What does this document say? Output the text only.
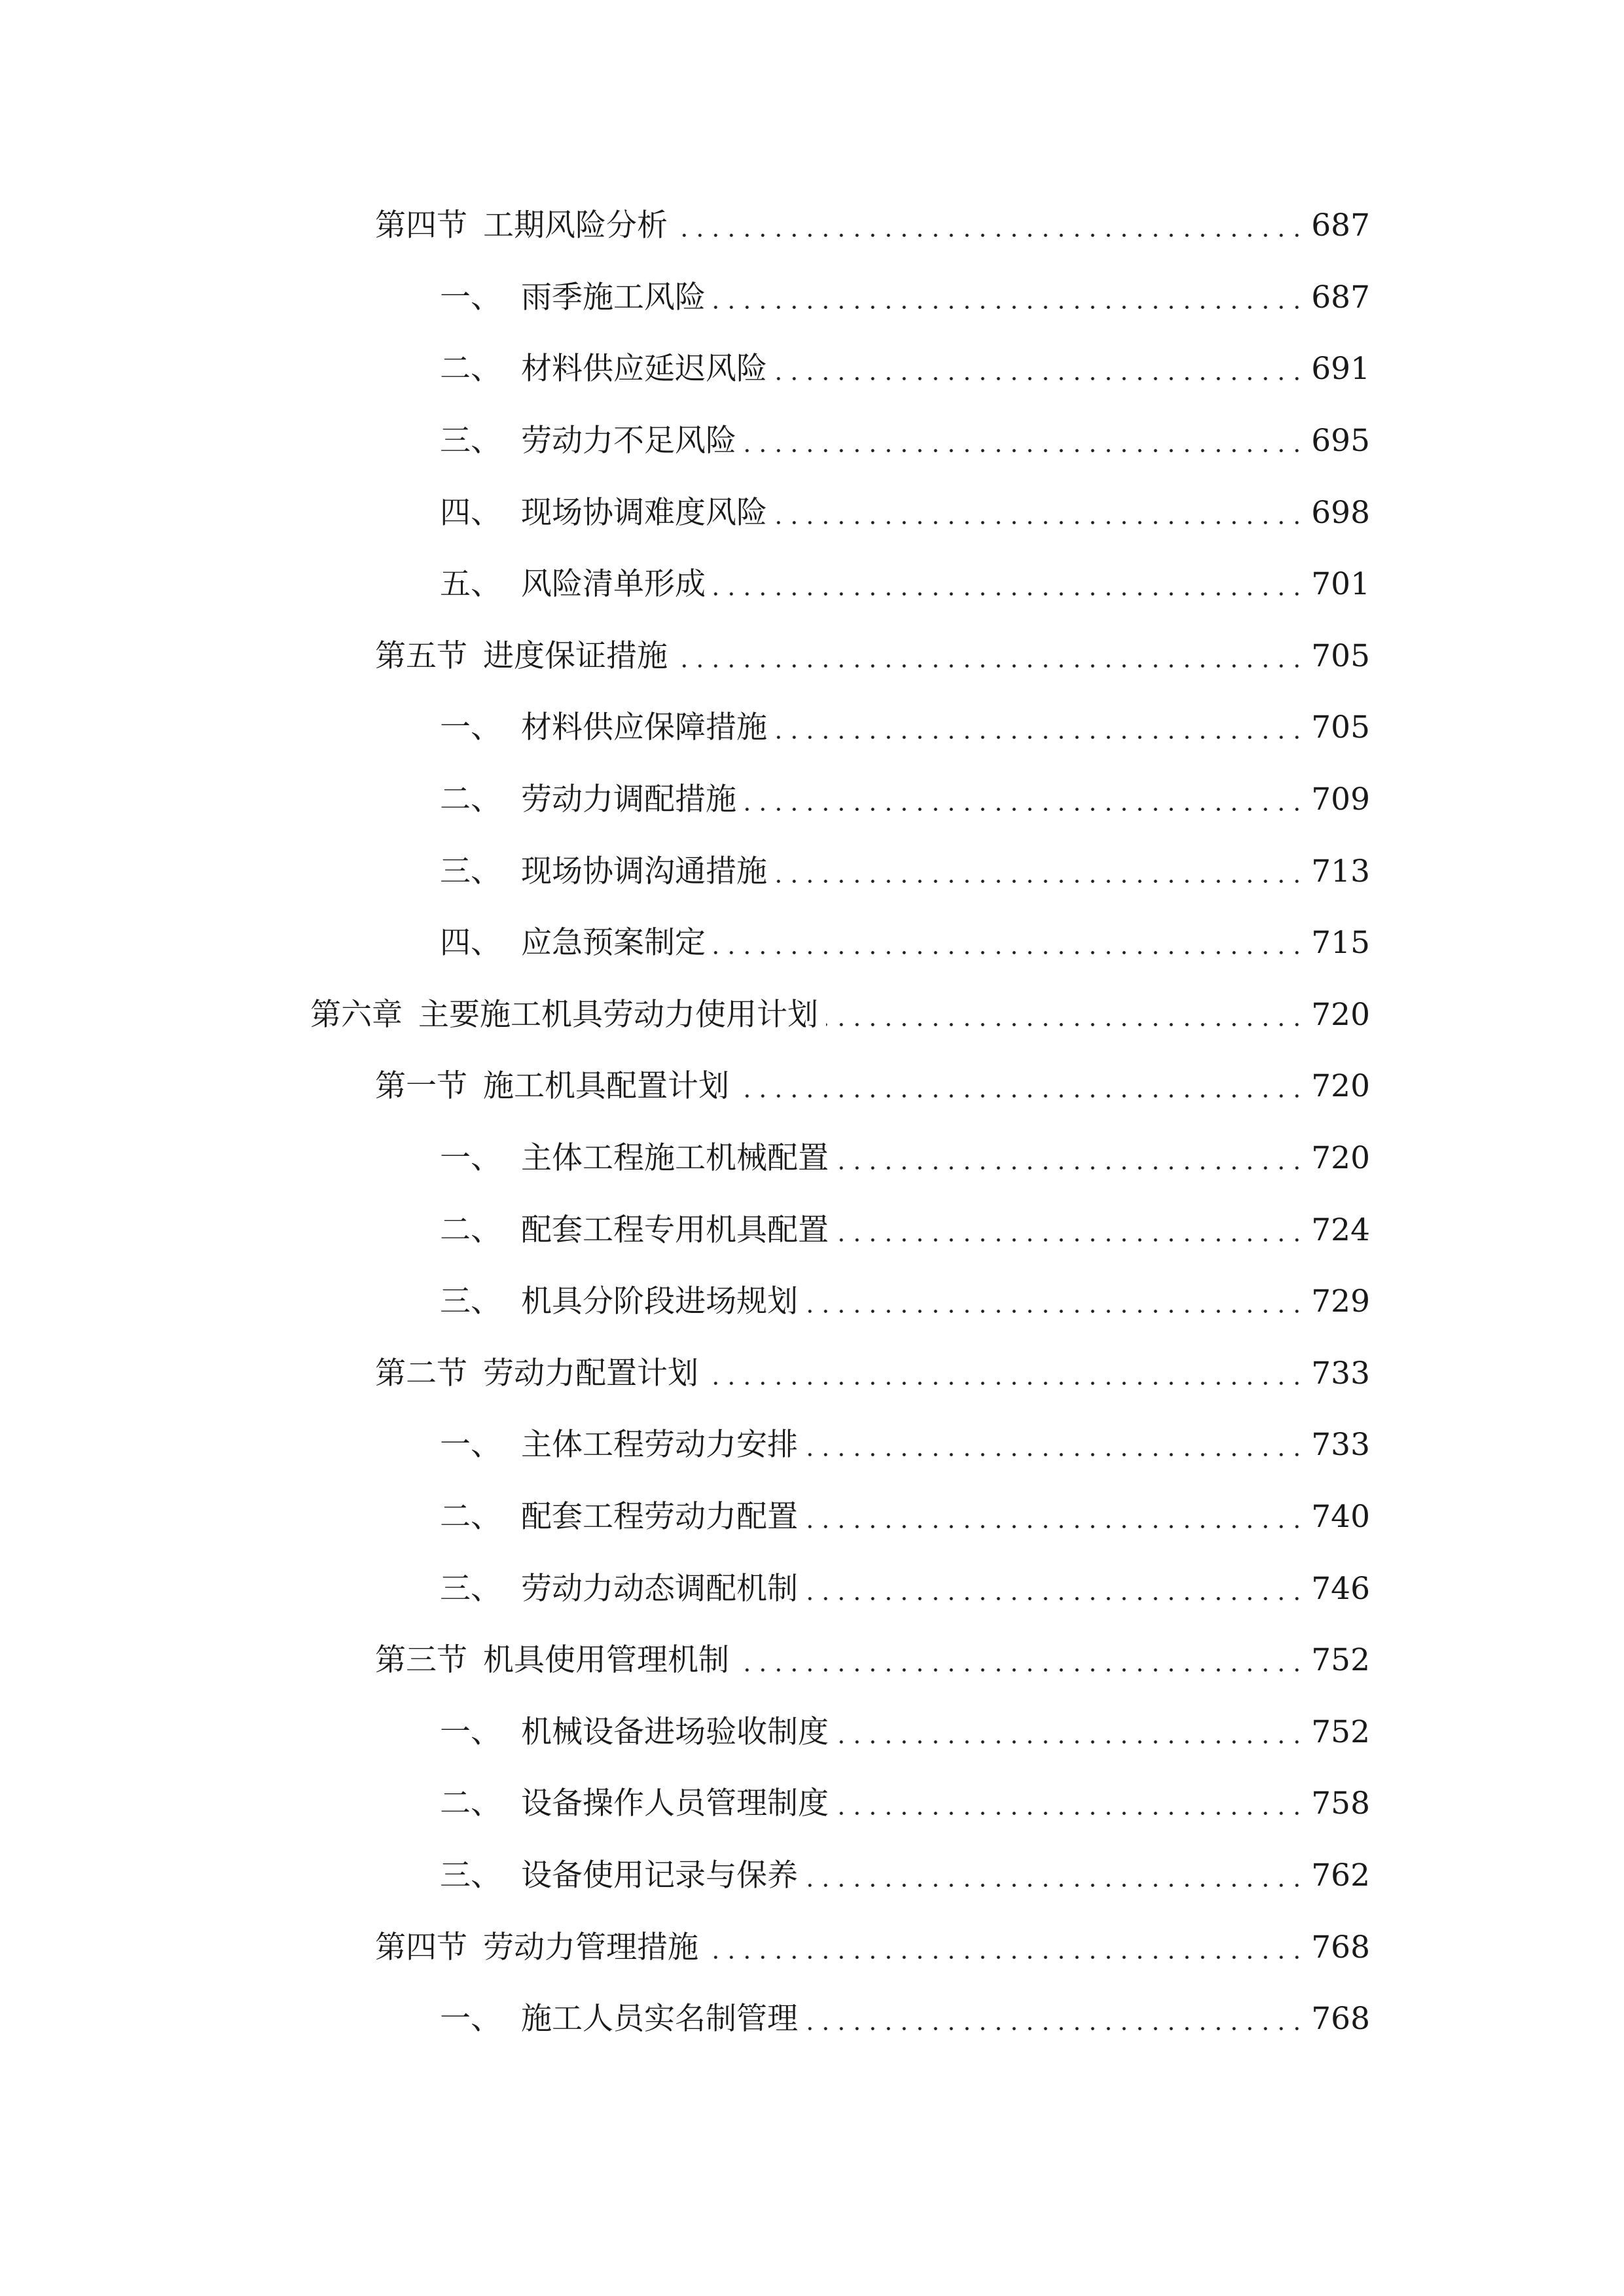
第四节 工期风险分析	687
一、 雨季施工风险	687
二、 材料供应延迟风险	691
三、 劳动力不足风险	695
四、 现场协调难度风险	698
五、 风险清单形成	701
第五节 进度保证措施	705
一、 材料供应保障措施	705
二、 劳动力调配措施	709
三、 现场协调沟通措施	713
四、 应急预案制定	715
第六章 主要施工机具劳动力使用计划	720
第一节 施工机具配置计划	720
一、 主体工程施工机械配置	720
二、 配套工程专用机具配置	724
三、 机具分阶段进场规划	729
第二节 劳动力配置计划	733
一、 主体工程劳动力安排	733
二、 配套工程劳动力配置	740
三、 劳动力动态调配机制	746
第三节 机具使用管理机制	752
一、 机械设备进场验收制度	752
二、 设备操作人员管理制度	758
三、 设备使用记录与保养	762
第四节 劳动力管理措施	768
一、 施工人员实名制管理	768
